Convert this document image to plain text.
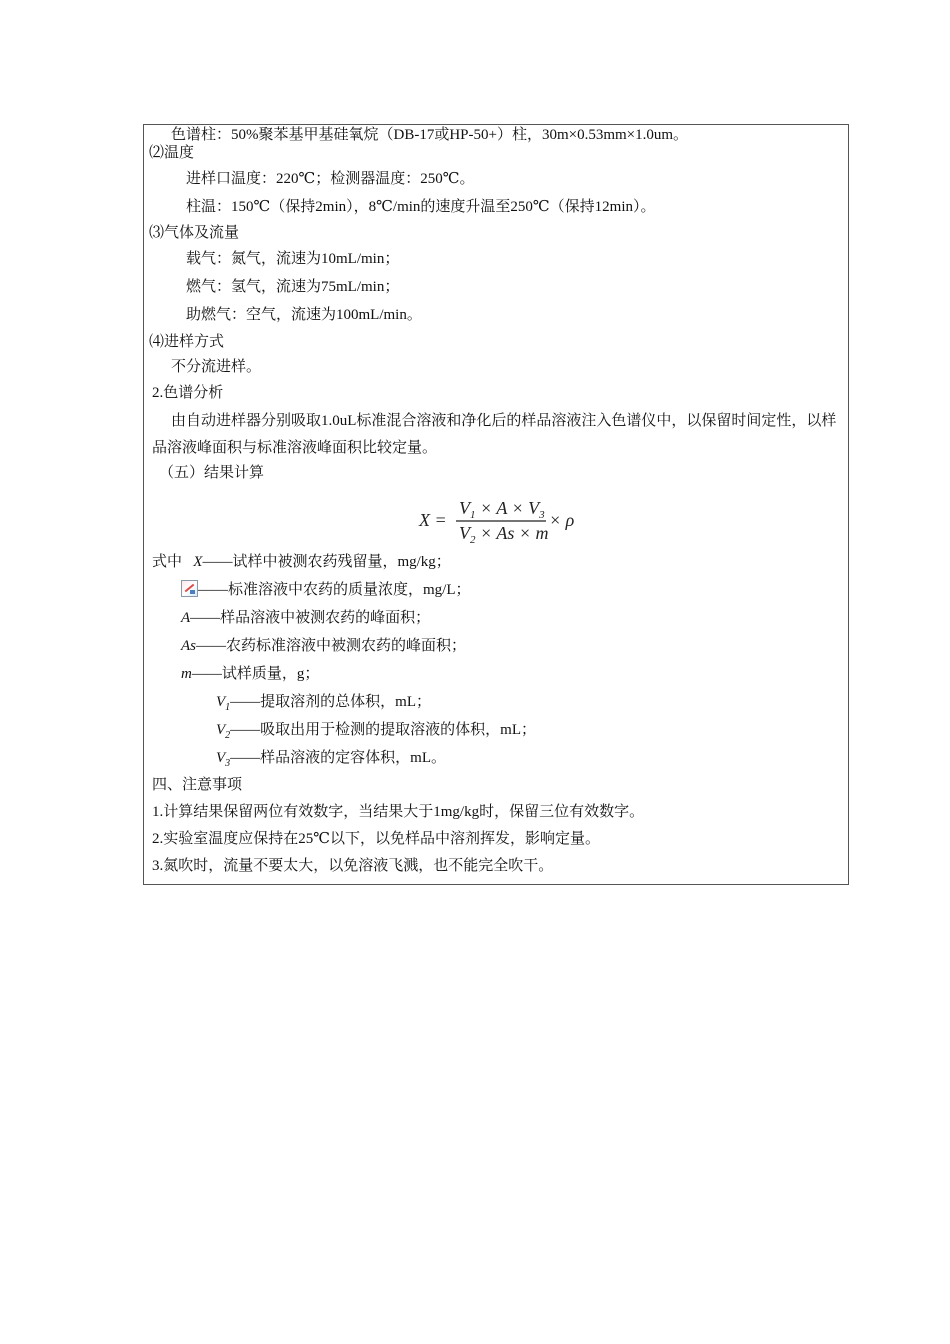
色谱柱：50%聚苯基甲基硅氧烷（DB-17或HP-50+）柱，30m×0.53mm×1.0um。
⑵温度
进样口温度：220℃；检测器温度：250℃。
柱温：150℃（保持2min），8℃/min的速度升温至250℃（保持12min）。
⑶气体及流量
载气：氮气，流速为10mL/min；
燃气：氢气，流速为75mL/min；
助燃气：空气，流速为100mL/min。
⑷进样方式
不分流进样。
2.色谱分析
由自动进样器分别吸取1.0uL标准混合溶液和净化后的样品溶液注入色谱仪中，以保留时间定性，以样品溶液峰面积与标准溶液峰面积比较定量。
（五）结果计算
X =
$V_1 \times A \times V_3$
$V_2 \times As \times m$
× ρ
式中 X——试样中被测农药残留量，mg/kg；
——标准溶液中农药的质量浓度，mg/L；
A——样品溶液中被测农药的峰面积；
As——农药标准溶液中被测农药的峰面积；
m——试样质量，g；
$V_1——$提取溶剂的总体积，mL；
$V_2——$吸取出用于检测的提取溶液的体积，mL；
$V_3——$样品溶液的定容体积，mL。
四、注意事项
1.计算结果保留两位有效数字，当结果大于1mg/kg时，保留三位有效数字。
2.实验室温度应保持在25℃以下，以免样品中溶剂挥发，影响定量。
3.氮吹时，流量不要太大，以免溶液飞溅，也不能完全吹干。
